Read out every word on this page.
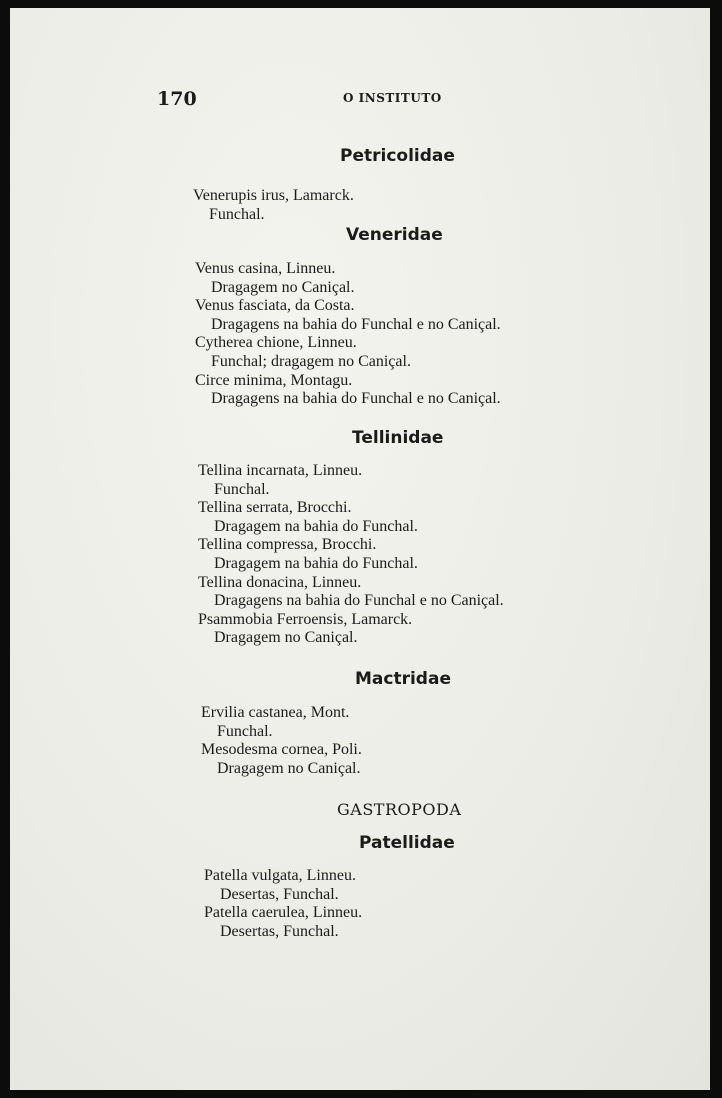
170	O INSTITUTO
Petricolidae
Venerupis irus, Lamarck.
Funchal.
Veneridae
Venus casina, Linneu.
Dragagem no Caniçal.
Venus fasciata, da Costa.
Dragagens na bahia do Funchal e no Caniçal.
Cytherea chione, Linneu.
Funchal; dragagem no Caniçal.
Circe minima, Montagu.
Dragagens na bahia do Funchal e no Caniçal.
Tellinidae
Tellina incarnata, Linneu.
Funchal.
Tellina serrata, Brocchi.
Dragagem na bahia do Funchal.
Tellina compressa, Brocchi.
Dragagem na bahia do Funchal.
Tellina donacina, Linneu.
Dragagens na bahia do Funchal e no Caniçal.
Psammobia Ferroensis, Lamarck.
Dragagem no Caniçal.
Mactridae
Ervilia castanea, Mont.
Funchal.
Mesodesma cornea, Poli.
Dragagem no Caniçal.
GASTROPODA
Patellidae
Patella vulgata, Linneu.
Desertas, Funchal.
Patella caerulea, Linneu.
Desertas, Funchal.
